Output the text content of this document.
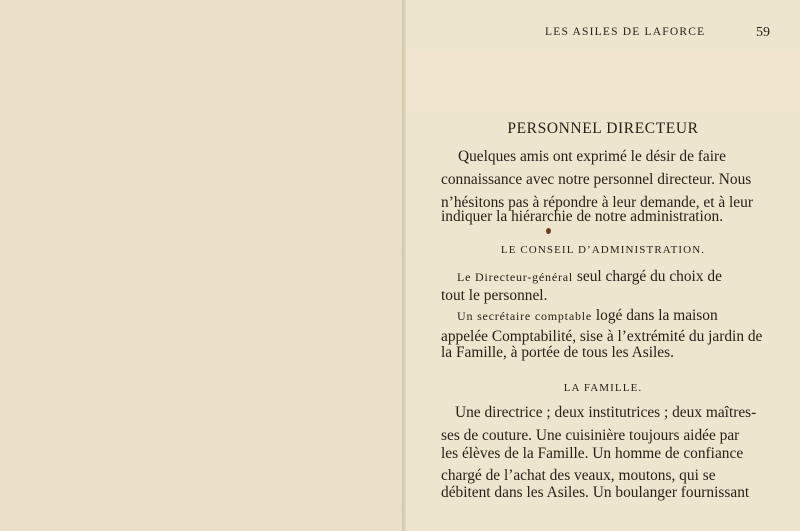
LES ASILES DE LAFORCE	59
PERSONNEL DIRECTEUR
Quelques amis ont exprimé le désir de faire
connaissance avec notre personnel directeur. Nous
n’hésitons pas à répondre à leur demande, et à leur
indiquer la hiérarchie de notre administration.
LE CONSEIL D’ADMINISTRATION.
Le Directeur-général seul chargé du choix de
tout le personnel.
Un secrétaire comptable logé dans la maison
appelée Comptabilité, sise à l’extrémité du jardin de
la Famille, à portée de tous les Asiles.
LA FAMILLE.
Une directrice ; deux institutrices ; deux maîtres-
ses de couture. Une cuisinière toujours aidée par
les élèves de la Famille. Un homme de confiance
chargé de l’achat des veaux, moutons, qui se
débitent dans les Asiles. Un boulanger fournissant
